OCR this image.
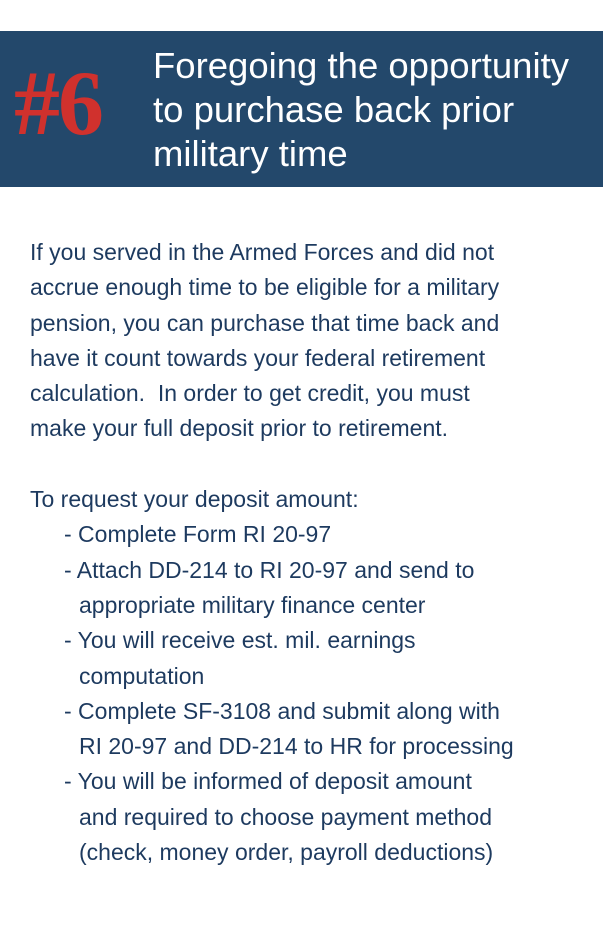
#6 Foregoing the opportunity
to purchase back prior
military time

If you served in the Armed Forces and did not
accrue enough time to be eligible for a military
pension, you can purchase that time back and
have it count towards your federal retirement
calculation.  In order to get credit, you must
make your full deposit prior to retirement.

To request your deposit amount:

- Complete Form RI 20-97
- Attach DD-214 to RI 20-97 and send to
appropriate military finance center
- You will receive est. mil. earnings
computation
- Complete SF-3108 and submit along with
RI 20-97 and DD-214 to HR for processing
- You will be informed of deposit amount
and required to choose payment method
(check, money order, payroll deductions)
